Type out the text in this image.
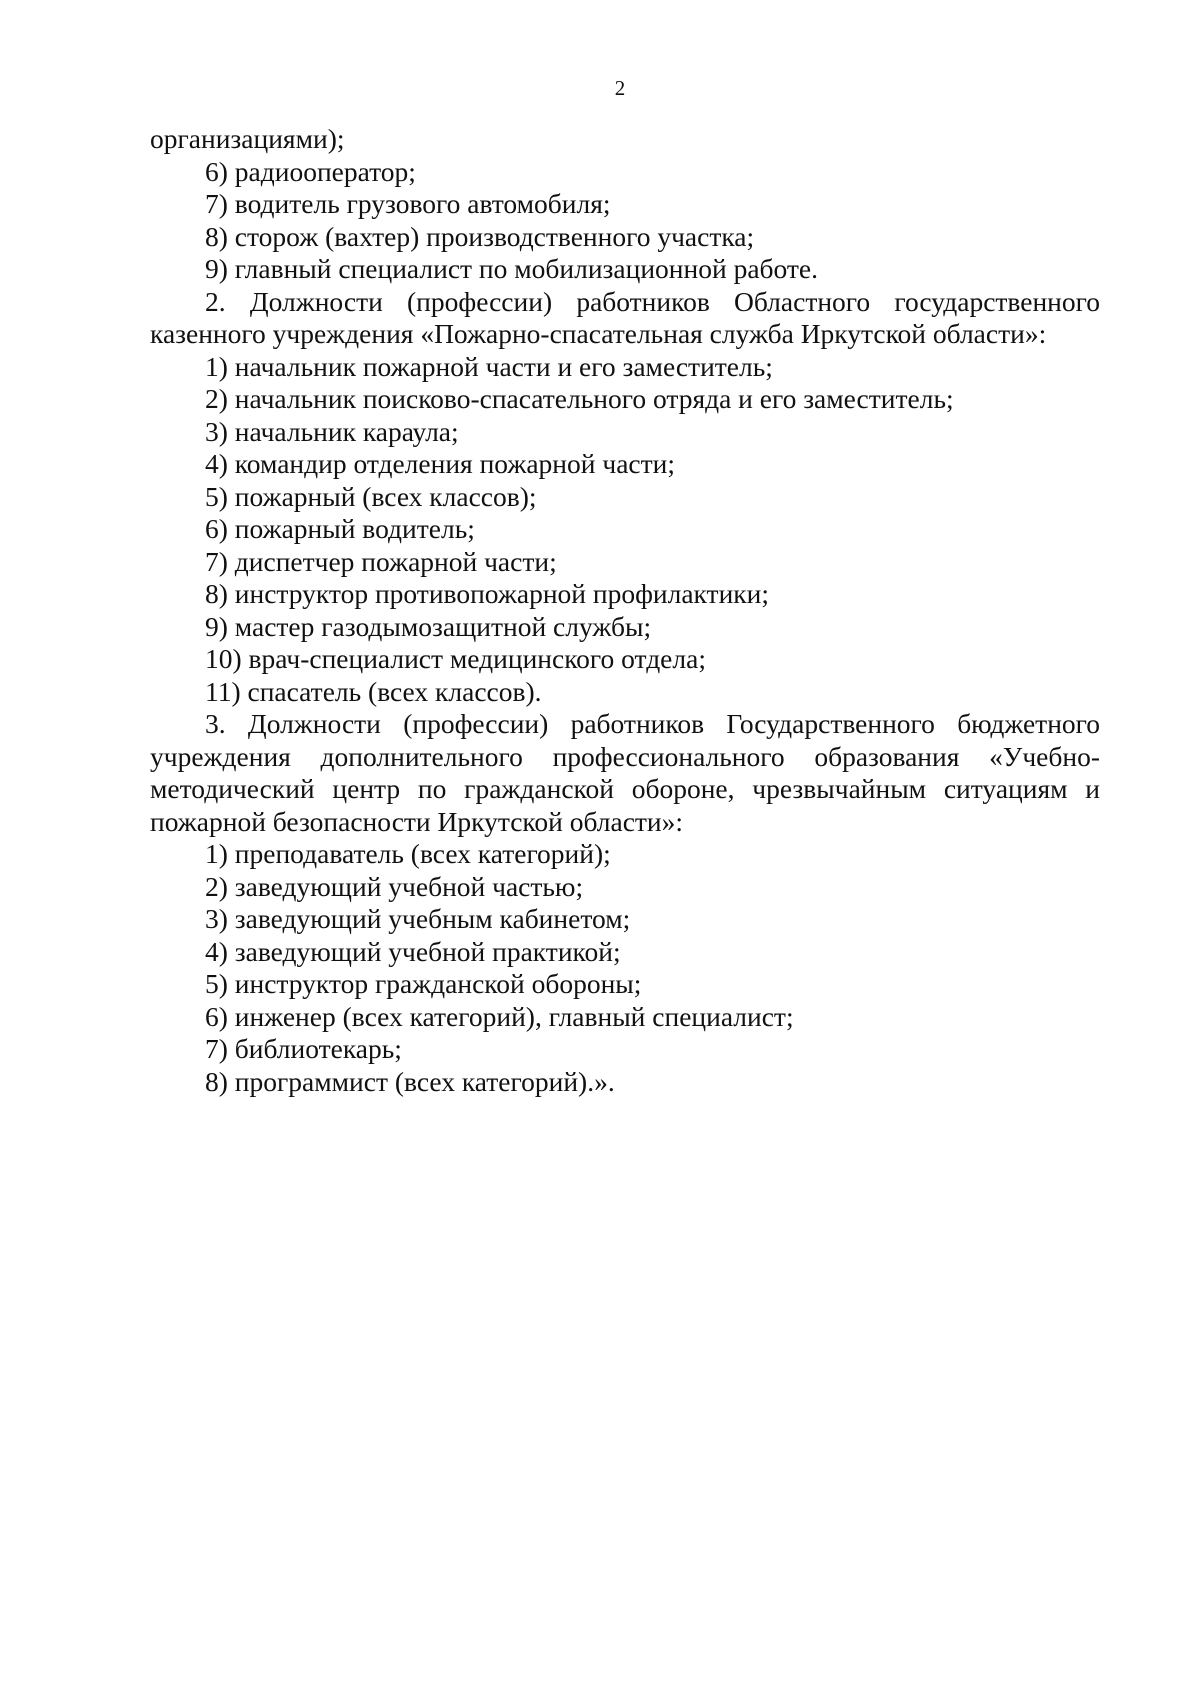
2

организациями);

6) радиооператор;

7) водитель грузового автомобиля;

8) сторож (вахтер) производственного участка;

9) главный специалист по мобилизационной работе.

2. Должности (профессии) работников Областного государственного казенного учреждения «Пожарно-спасательная служба Иркутской области»:

1) начальник пожарной части и его заместитель;

2) начальник поисково-спасательного отряда и его заместитель;

3) начальник караула;

4) командир отделения пожарной части;

5) пожарный (всех классов);

6) пожарный водитель;

7) диспетчер пожарной части;

8) инструктор противопожарной профилактики;

9) мастер газодымозащитной службы;

10) врач-специалист медицинского отдела;

11) спасатель (всех классов).

3. Должности (профессии) работников Государственного бюджетного учреждения дополнительного профессионального образования «Учебно-методический центр по гражданской обороне, чрезвычайным ситуациям и пожарной безопасности Иркутской области»:

1) преподаватель (всех категорий);

2) заведующий учебной частью;

3) заведующий учебным кабинетом;

4) заведующий учебной практикой;

5) инструктор гражданской обороны;

6) инженер (всех категорий), главный специалист;

7) библиотекарь;

8) программист (всех категорий).».
